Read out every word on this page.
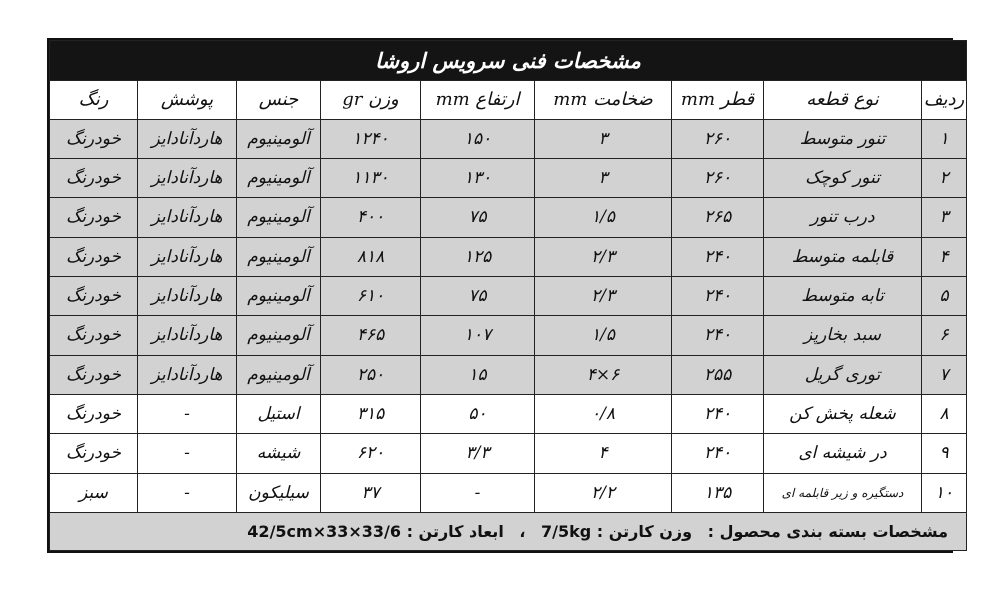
مشخصات فنی سرویس اروشا								
ردیف	نوع قطعه	قطر mm	ضخامت mm	ارتفاع mm	وزن gr	جنس	پوشش	رنگ
۱	تنور متوسط	۲۶۰	۳	۱۵۰	۱۲۴۰	آلومینیوم	هاردآنادایز	خودرنگ
۲	تنور کوچک	۲۶۰	۳	۱۳۰	۱۱۳۰	آلومینیوم	هاردآنادایز	خودرنگ
۳	درب تنور	۲۶۵	۱/۵	۷۵	۴۰۰	آلومینیوم	هاردآنادایز	خودرنگ
۴	قابلمه متوسط	۲۴۰	۲/۳	۱۲۵	۸۱۸	آلومینیوم	هاردآنادایز	خودرنگ
۵	تابه متوسط	۲۴۰	۲/۳	۷۵	۶۱۰	آلومینیوم	هاردآنادایز	خودرنگ
۶	سبد بخارپز	۲۴۰	۱/۵	۱۰۷	۴۶۵	آلومینیوم	هاردآنادایز	خودرنگ
۷	توری گریل	۲۵۵	۶×۴	۱۵	۲۵۰	آلومینیوم	هاردآنادایز	خودرنگ
۸	شعله پخش کن	۲۴۰	۰/۸	۵۰	۳۱۵	استیل	-	خودرنگ
۹	در شیشه ای	۲۴۰	۴	۳/۳	۶۲۰	شیشه	-	خودرنگ
۱۰	دستگیره و زیر قابلمه ای	۱۳۵	۲/۲	-	۳۷	سیلیکون	-	سبز
مشخصات بسته بندی محصول : وزن کارتن : 7/5kg ، ابعاد کارتن : 42/5cm×33×33/6								
